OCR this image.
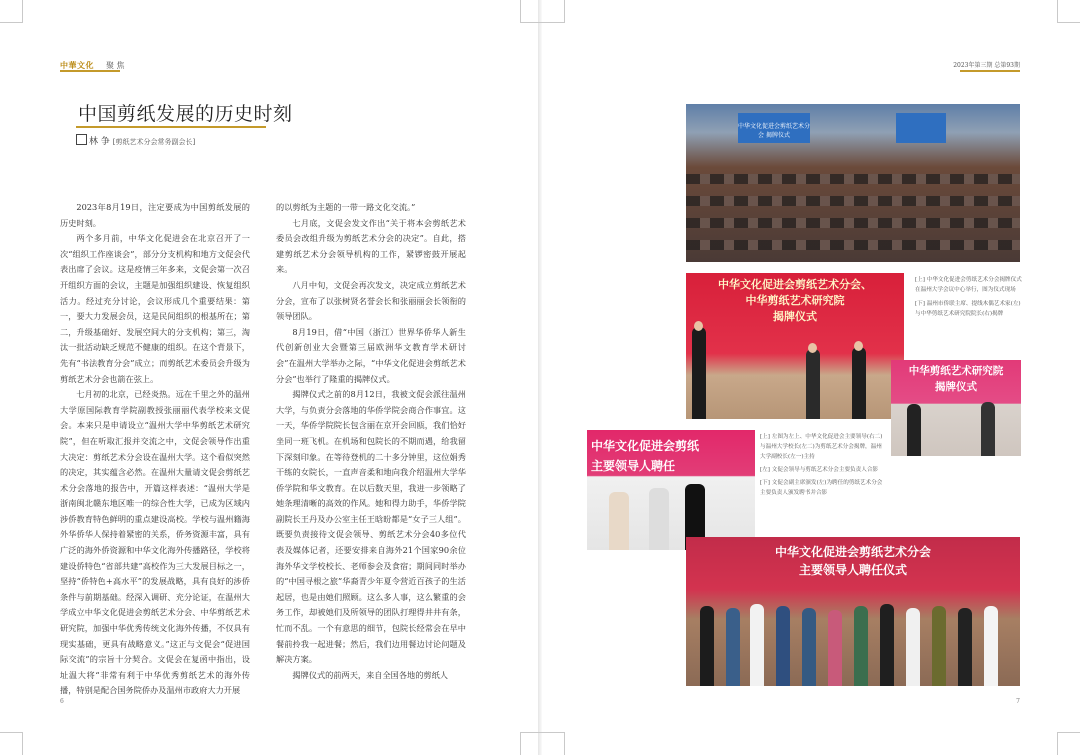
中華文化 聚 焦	2023年第三期 总第93期
中国剪纸发展的历史时刻
林 争 [剪纸艺术分会常务副会长]

2023年8月19日，注定要成为中国剪纸发展的历史时刻。

两个多月前，中华文化促进会在北京召开了一次“组织工作座谈会”，部分分支机构和地方文促会代表出席了会议。这是疫情三年多来，文促会第一次召开组织方面的会议，主题是加强组织建设、恢复组织活力。经过充分讨论，会议形成几个重要结果：第一，要大力发展会员，这是民间组织的根基所在；第二，升级基础好、发展空间大的分支机构；第三，淘汰一批活动缺乏规范不健康的组织。在这个背景下，先有“书法教育分会”成立；而剪纸艺术委员会升级为剪纸艺术分会也箭在弦上。

七月初的北京，已经炎热。远在千里之外的温州大学原国际教育学院副教授张丽丽代表学校来文促会。本来只是申请设立“温州大学中华剪纸艺术研究院”，但在听取汇报并交流之中，文促会领导作出重大决定：剪纸艺术分会设在温州大学。这个看似突然的决定，其实蕴含必然。在温州大量请文促会剪纸艺术分会落地的报告中，开篇这样表述：“温州大学是浙南闽北赣东地区唯一的综合性大学，已成为区域内涉侨教育特色鲜明的重点建设高校。学校与温州籍海外华侨华人保持着紧密的关系，侨务资源丰富，具有广泛的海外侨资源和中华文化海外传播路径，学校将建设侨特色“省部共建”高校作为三大发展目标之一，坚持“侨特色+高水平”的发展战略，具有良好的涉侨条件与前期基础。经深入调研、充分论证，在温州大学成立中华文化促进会剪纸艺术分会、中华剪纸艺术研究院，加强中华优秀传统文化海外传播，不仅具有现实基础，更具有战略意义。”这正与文促会“促进国际交流”的宗旨十分契合。文促会在复函中指出，设址温大将“非常有利于中华优秀剪纸艺术的海外传播，特别是配合国务院侨办及温州市政府大力开展

的以剪纸为主题的一带一路文化交流。”

七月底，文促会发文作出“关于将本会剪纸艺术委员会改组升级为剪纸艺术分会的决定”。自此，搭建剪纸艺术分会领导机构的工作，紧锣密鼓开展起来。

八月中旬，文促会再次发文，决定成立剪纸艺术分会，宣布了以张树贤名誉会长和张丽丽会长领衔的领导团队。

8月19日，借“中国（浙江）世界华侨华人新生代创新创业大会暨第三届欧洲华文教育学术研讨会”在温州大学举办之际，“中华文化促进会剪纸艺术分会”也举行了隆重的揭牌仪式。

揭牌仪式之前的8月12日，我被文促会派往温州大学，与负责分会落地的华侨学院会商合作事宜。这一天，华侨学院院长包含丽在京开会回瓯，我们恰好坐同一班飞机。在机场和包院长的不期而遇，给我留下深刻印象。在等待登机的二十多分钟里，这位娟秀干练的女院长，一直声音柔和地向我介绍温州大学华侨学院和华文教育。在以后数天里，我进一步领略了她条理清晰的高效的作风。她和得力助手，华侨学院副院长王丹及办公室主任王晗昐都是“女子三人组”。既要负责接待文促会领导、剪纸艺术分会40多位代表及媒体记者，还要安排来自海外21个国家90余位海外华文学校校长、老师参会及食宿；期间同时举办的“中国寻根之旅”华裔青少年夏令营近百孩子的生活起居，也是由她们照顾。这么多人事，这么繁重的会务工作，却被她们及所领导的团队打理得井井有条，忙而不乱。一个有意思的细节，包院长经常会在早中餐前拎我一起进餐；然后，我们边用餐边讨论问题及解决方案。

揭牌仪式的前两天，来自全国各地的剪纸人

6	7
中华文化促进会剪纸艺术分会 揭牌仪式
中华文化促进会剪纸艺术分会、
中华剪纸艺术研究院
揭牌仪式
中华剪纸艺术研究院
揭牌仪式
中华文化促进会剪纸
主要领导人聘任
中华文化促进会剪纸艺术分会
主要领导人聘任仪式
[上] 中华文化促进会剪纸艺术分会揭牌仪式在温州大学会议中心举行，图为仪式现场
[下] 温州市侨联主席、提线木偶艺术家(左)与中华剪纸艺术研究院院长(右)揭牌
[上] 左图为左上、中华文化促进会主要领导(右二)与温州大学校长(左二)为剪纸艺术分会揭牌，温州大学副校长(左一)主持
[左] 文促会领导与剪纸艺术分会主要负责人合影
[下] 文促会副主席颁发(左)为聘任的剪纸艺术分会主要负责人颁发聘书并合影
